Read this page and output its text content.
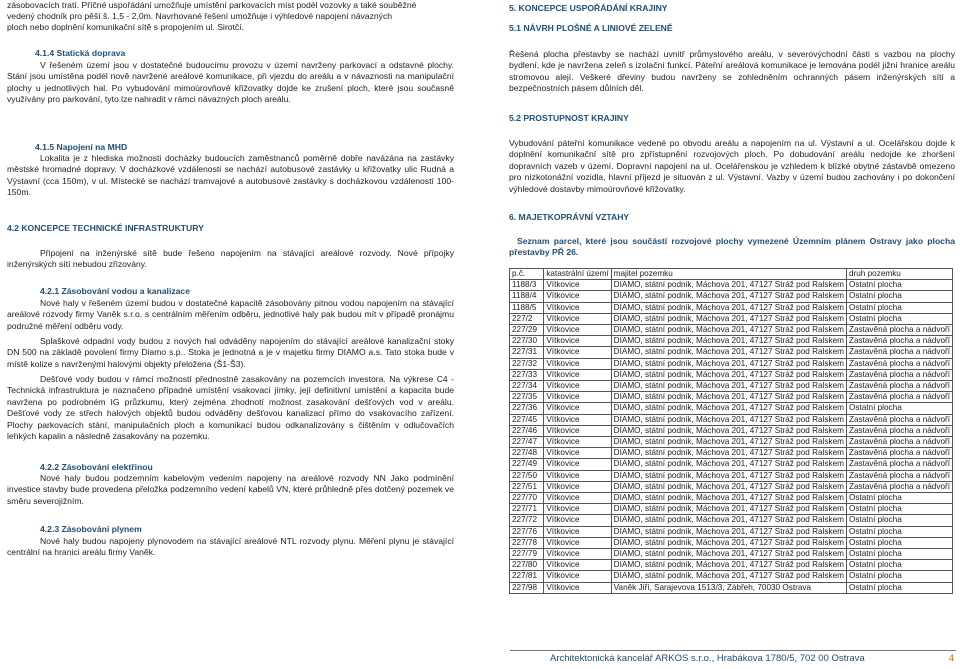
zásobovacích tratí. Příčné uspořádání umožňuje umístění parkovacích míst podél vozovky a také souběžné

vedený chodník pro pěší š. 1,5 - 2,0m. Navrhované řešení umožňuje i výhledové napojení návazných

ploch nebo doplnění komunikační sítě s propojením ul. Sirotčí.

4.1.4 Statická doprava

V řešeném území jsou v dostatečné budoucímu provozu v území navrženy parkovací a odstavné plochy. Stání jsou umístěna podél nově navržené areálové komunikace, při vjezdu do areálu a v návaznosti na manipulační plochy u jednotlivých hal. Po vybudování mimoúrovňové křižovatky dojde ke zrušení ploch, které jsou současně využívány pro parkování, tyto lze nahradit v rámci návazných ploch areálu.

4.1.5 Napojení na MHD

Lokalita je z hlediska možnosti docházky budoucích zaměstnanců poměrně dobře navázána na zastávky městské hromadné dopravy. V docházkové vzdálenosti se nachází autobusové zastávky u křižovatky ulic Rudná a Výstavní (cca 150m), v ul. Místecké se nachází tramvajové a autobusové zastávky s docházkovou vzdáleností 100-150m.

4.2 KONCEPCE TECHNICKÉ INFRASTRUKTURY

Připojení na inženýrské sítě bude řešeno napojením na stávající areálové rozvody. Nové přípojky inženýrských sítí nebudou zřizovány.

4.2.1 Zásobování vodou a kanalizace

Nové haly v řešeném území budou v dostatečné kapacitě zásobovány pitnou vodou napojením na stávající areálové rozvody firmy Vaněk s.r.o. s centrálním měřením odběru, jednotlivé haly pak budou mít v případě pronájmu podružné měření odběru vody.

Splaškové odpadní vody budou z nových hal odváděny napojením do stávající areálové kanalizační stoky DN 500 na základě povolení firmy Diamo s.p.. Stoka je jednotná a je v majetku firmy DIAMO a.s. Tato stoka bude v místě kolize s navrženými halovými objekty přeložena (Š1-Š3).

Dešťové vody budou v rámci možností přednostně zasakovány na pozemcích investora. Na výkrese C4 -Technická infrastruktura je naznačeno případné umístění vsakovací jímky, její definitivní umístění a kapacita bude navržena po podrobném IG průzkumu, který zejména zhodnotí možnost zasakování dešťových vod v areálu. Dešťové vody ze střech halových objektů budou odváděny dešťovou kanalizací přímo do vsakovacího zařízení. Plochy parkovacích stání, manipulačních ploch a komunikací budou odkanalizovány s čištěním v odlučovačích lehkých kapalin a následně zasakovány na pozemku.

4.2.2 Zásobování elektřinou

Nové haly budou podzemním kabelovým vedením napojeny na areálové rozvody NN Jako podmínění investice stavby bude provedena přeložka podzemního vedení kabelů VN, které průhledně přes dotčený pozemek ve směru severojižním.

4.2.3 Zásobování plynem

Nové haly budou napojeny plynovodem na stávající areálové NTL rozvody plynu. Měření plynu je stávající centrální na hranici areálu firmy Vaněk.

5. KONCEPCE USPOŘÁDÁNÍ KRAJINY

5.1 NÁVRH PLOŠNÉ A LINIOVÉ ZELENĚ

Řešená plocha přestavby se nachází uvnitř průmyslového areálu, v severovýchodní části s vazbou na plochy bydlení, kde je navržena zeleň s izolační funkcí. Páteřní areálová komunikace je lemována podél jižní hranice areálu stromovou alejí. Veškeré dřeviny budou navrženy se zohledněním ochranných pásem inženýrských sítí a bezpečnostních pásem důlních děl.

5.2 PROSTUPNOST KRAJINY

Vybudování páteřní komunikace vedené po obvodu areálu a napojením na ul. Výstavní a ul. Ocelářskou dojde k doplnění komunikační sítě pro zpřístupnění rozvojových ploch. Po dobudování areálu nedojde ke zhoršení dopravních vazeb v území. Dopravní napojení na ul. Ocelářenskou je vzhledem k blízké obytné zástavbě omezeno pro nízkotonážní vozidla, hlavní příjezd je situován z ul. Výstavní. Vazby v území budou zachovány i po dokončení výhledové dostavby mimoúrovňové křižovatky.

6. MAJETKOPRÁVNÍ VZTAHY

Seznam parcel, které jsou součástí rozvojové plochy vymezené Územním plánem Ostravy jako plocha přestavby PŘ 26.

p.č.	katastrální území	majitel pozemku	druh pozemku
1188/3	Vítkovice	DIAMO, státní podnik, Máchova 201, 47127 Stráž pod Ralskem	Ostatní plocha
1188/4	Vítkovice	DIAMO, státní podnik, Máchova 201, 47127 Stráž pod Ralskem	Ostatní plocha
1188/5	Vítkovice	DIAMO, státní podnik, Máchova 201, 47127 Stráž pod Ralskem	Ostatní plocha
227/2	Vítkovice	DIAMO, státní podnik, Máchova 201, 47127 Stráž pod Ralskem	Ostatní plocha
227/29	Vítkovice	DIAMO, státní podnik, Máchova 201, 47127 Stráž pod Ralskem	Zastavěná plocha a nádvoří
227/30	Vítkovice	DIAMO, státní podnik, Máchova 201, 47127 Stráž pod Ralskem	Zastavěná plocha a nádvoří
227/31	Vítkovice	DIAMO, státní podnik, Máchova 201, 47127 Stráž pod Ralskem	Zastavěná plocha a nádvoří
227/32	Vítkovice	DIAMO, státní podnik, Máchova 201, 47127 Stráž pod Ralskem	Zastavěná plocha a nádvoří
227/33	Vítkovice	DIAMO, státní podnik, Máchova 201, 47127 Stráž pod Ralskem	Zastavěná plocha a nádvoří
227/34	Vítkovice	DIAMO, státní podnik, Máchova 201, 47127 Stráž pod Ralskem	Zastavěná plocha a nádvoří
227/35	Vítkovice	DIAMO, státní podnik, Máchova 201, 47127 Stráž pod Ralskem	Zastavěná plocha a nádvoří
227/36	Vítkovice	DIAMO, státní podnik, Máchova 201, 47127 Stráž pod Ralskem	Ostatní plocha
227/45	Vítkovice	DIAMO, státní podnik, Máchova 201, 47127 Stráž pod Ralskem	Zastavěná plocha a nádvoří
227/46	Vítkovice	DIAMO, státní podnik, Máchova 201, 47127 Stráž pod Ralskem	Zastavěná plocha a nádvoří
227/47	Vítkovice	DIAMO, státní podnik, Máchova 201, 47127 Stráž pod Ralskem	Zastavěná plocha a nádvoří
227/48	Vítkovice	DIAMO, státní podnik, Máchova 201, 47127 Stráž pod Ralskem	Zastavěná plocha a nádvoří
227/49	Vítkovice	DIAMO, státní podnik, Máchova 201, 47127 Stráž pod Ralskem	Zastavěná plocha a nádvoří
227/50	Vítkovice	DIAMO, státní podnik, Máchova 201, 47127 Stráž pod Ralskem	Zastavěná plocha a nádvoří
227/51	Vítkovice	DIAMO, státní podnik, Máchova 201, 47127 Stráž pod Ralskem	Zastavěná plocha a nádvoří
227/70	Vítkovice	DIAMO, státní podnik, Máchova 201, 47127 Stráž pod Ralskem	Ostatní plocha
227/71	Vítkovice	DIAMO, státní podnik, Máchova 201, 47127 Stráž pod Ralskem	Ostatní plocha
227/72	Vítkovice	DIAMO, státní podnik, Máchova 201, 47127 Stráž pod Ralskem	Ostatní plocha
227/76	Vítkovice	DIAMO, státní podnik, Máchova 201, 47127 Stráž pod Ralskem	Ostatní plocha
227/78	Vítkovice	DIAMO, státní podnik, Máchova 201, 47127 Stráž pod Ralskem	Ostatní plocha
227/79	Vítkovice	DIAMO, státní podnik, Máchova 201, 47127 Stráž pod Ralskem	Ostatní plocha
227/80	Vítkovice	DIAMO, státní podnik, Máchova 201, 47127 Stráž pod Ralskem	Ostatní plocha
227/81	Vítkovice	DIAMO, státní podnik, Máchova 201, 47127 Stráž pod Ralskem	Ostatní plocha
227/98	Vítkovice	Vaněk Jiří, Sarajevova 1513/3, Zábřeh, 70030 Ostrava	Ostatní plocha
Architektonická kancelář ARKOS s.r.o., Hrabákova 1780/5, 702 00 Ostrava	4
